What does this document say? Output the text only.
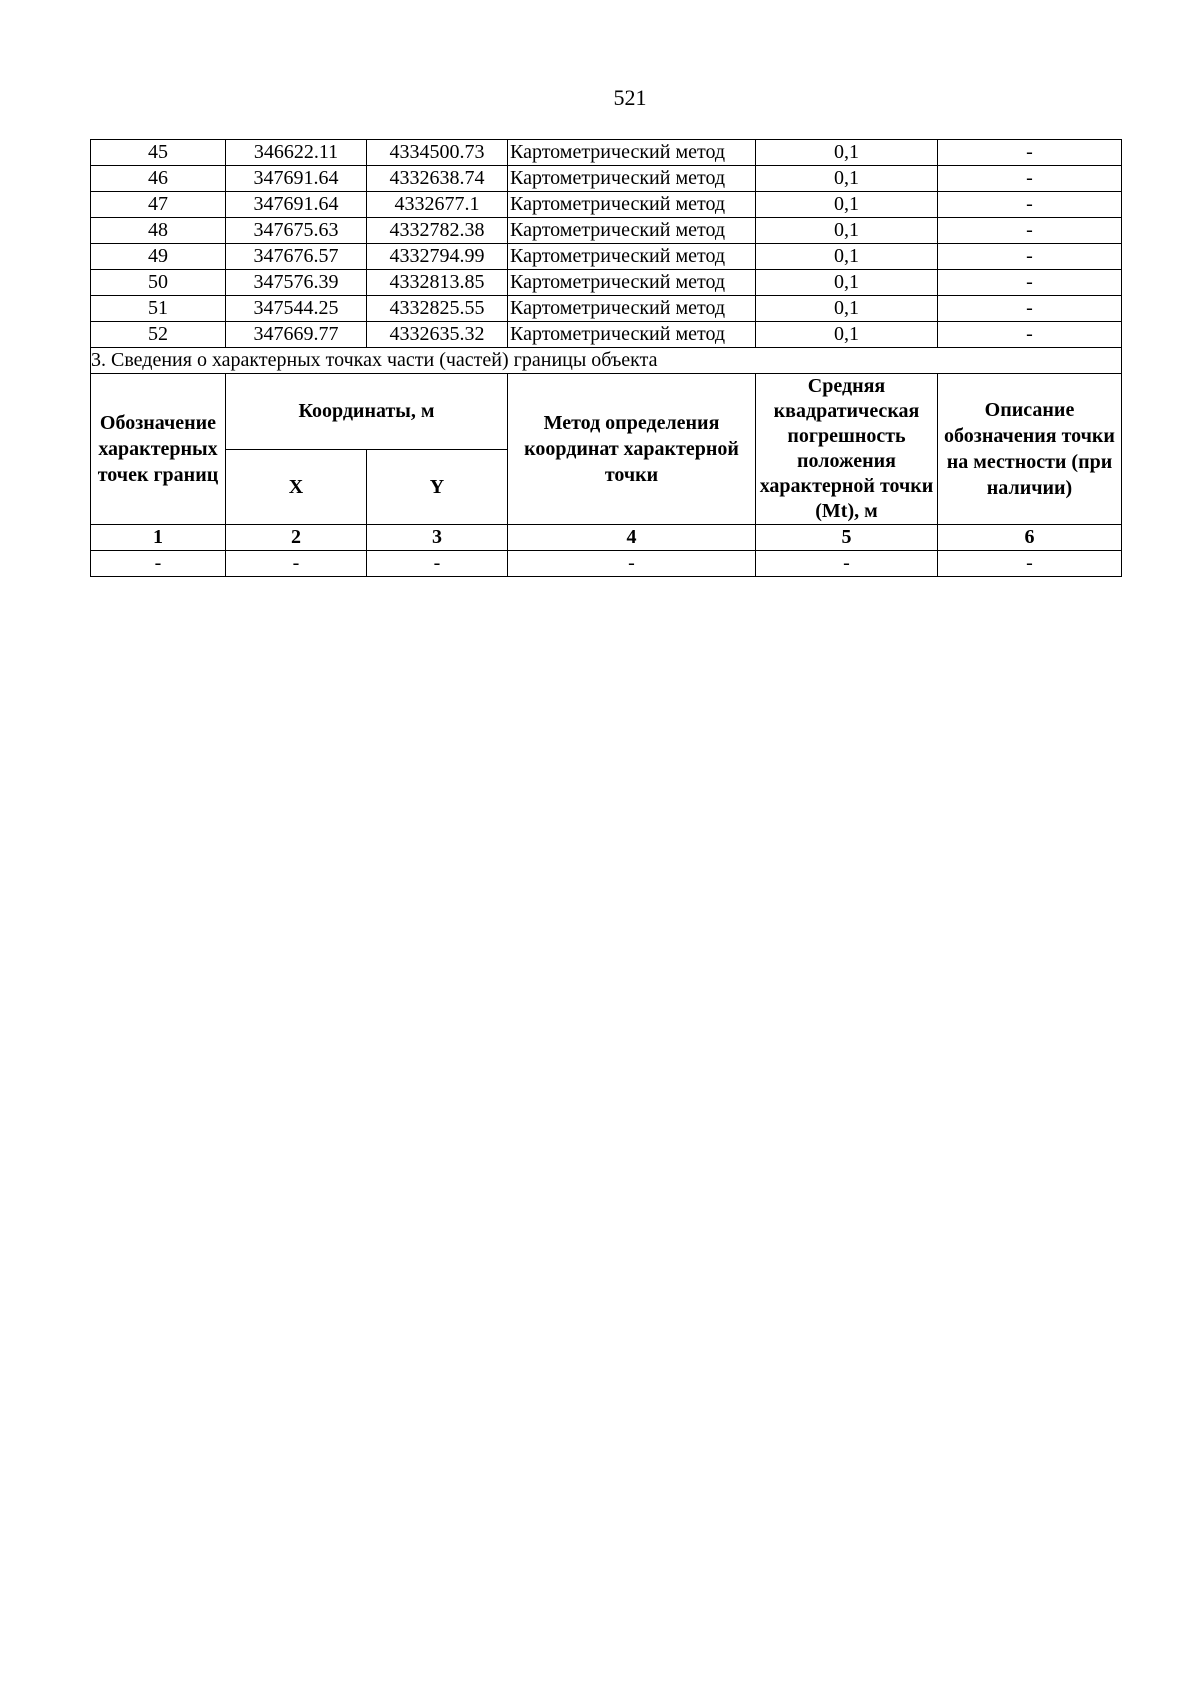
521
45	346622.11	4334500.73	Картометрический метод	0,1	-
46	347691.64	4332638.74	Картометрический метод	0,1	-
47	347691.64	4332677.1	Картометрический метод	0,1	-
48	347675.63	4332782.38	Картометрический метод	0,1	-
49	347676.57	4332794.99	Картометрический метод	0,1	-
50	347576.39	4332813.85	Картометрический метод	0,1	-
51	347544.25	4332825.55	Картометрический метод	0,1	-
52	347669.77	4332635.32	Картометрический метод	0,1	-
3. Сведения о характерных точках части (частей) границы объекта					
Обозначение характерных точек границ	Координаты, м		Метод определения координат характерной точки	Средняя квадратическая погрешность положения характерной точки (Mt), м	Описание обозначения точки на местности (при наличии)
	X	Y			
1	2	3	4	5	6
-	-	-	-	-	-
